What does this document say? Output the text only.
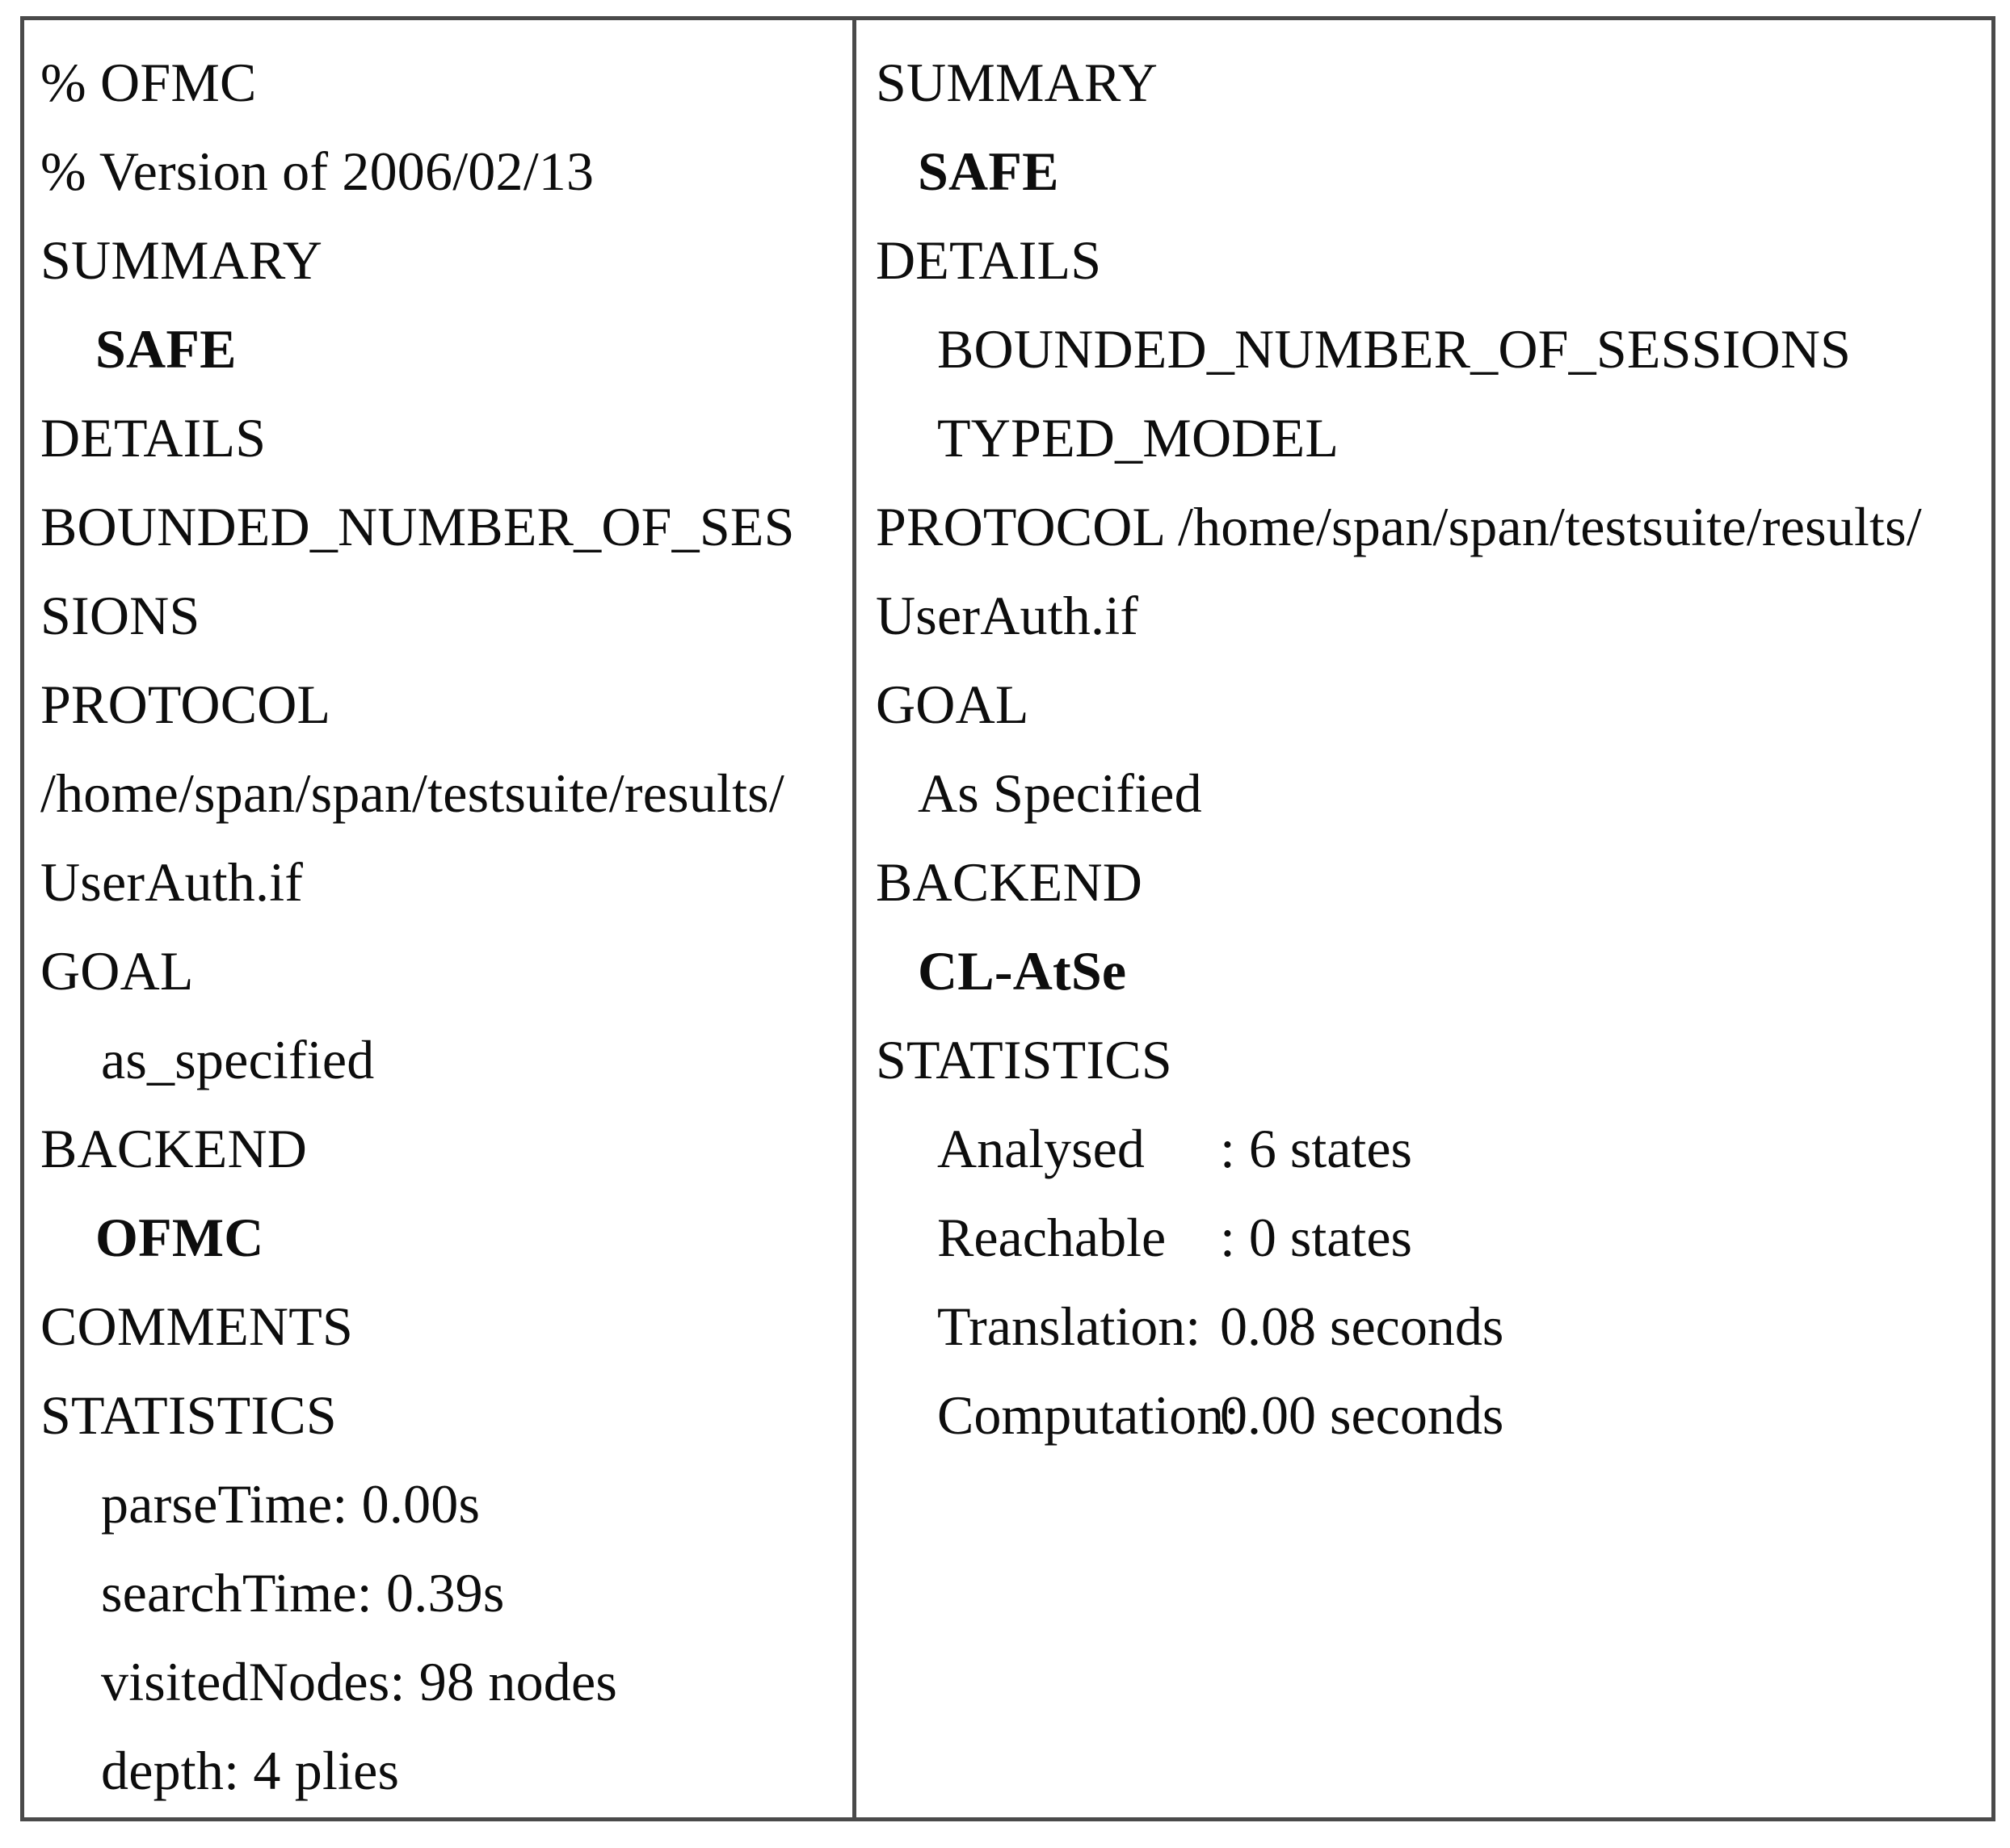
% OFMC
% Version of 2006/02/13
SUMMARY
SAFE
DETAILS
BOUNDED_NUMBER_OF_SES
SIONS
PROTOCOL
/home/span/span/testsuite/results/
UserAuth.if
GOAL
as_specified
BACKEND
OFMC
COMMENTS
STATISTICS
parseTime: 0.00s
searchTime: 0.39s
visitedNodes: 98 nodes
depth: 4 plies
SUMMARY
SAFE
DETAILS
BOUNDED_NUMBER_OF_SESSIONS
TYPED_MODEL
PROTOCOL /home/span/span/testsuite/results/
UserAuth.if
GOAL
As Specified
BACKEND
CL-AtSe
STATISTICS
Analysed	: 6 states
Reachable : 0 states
Translation: 0.08 seconds
Computation:
0.00 seconds
